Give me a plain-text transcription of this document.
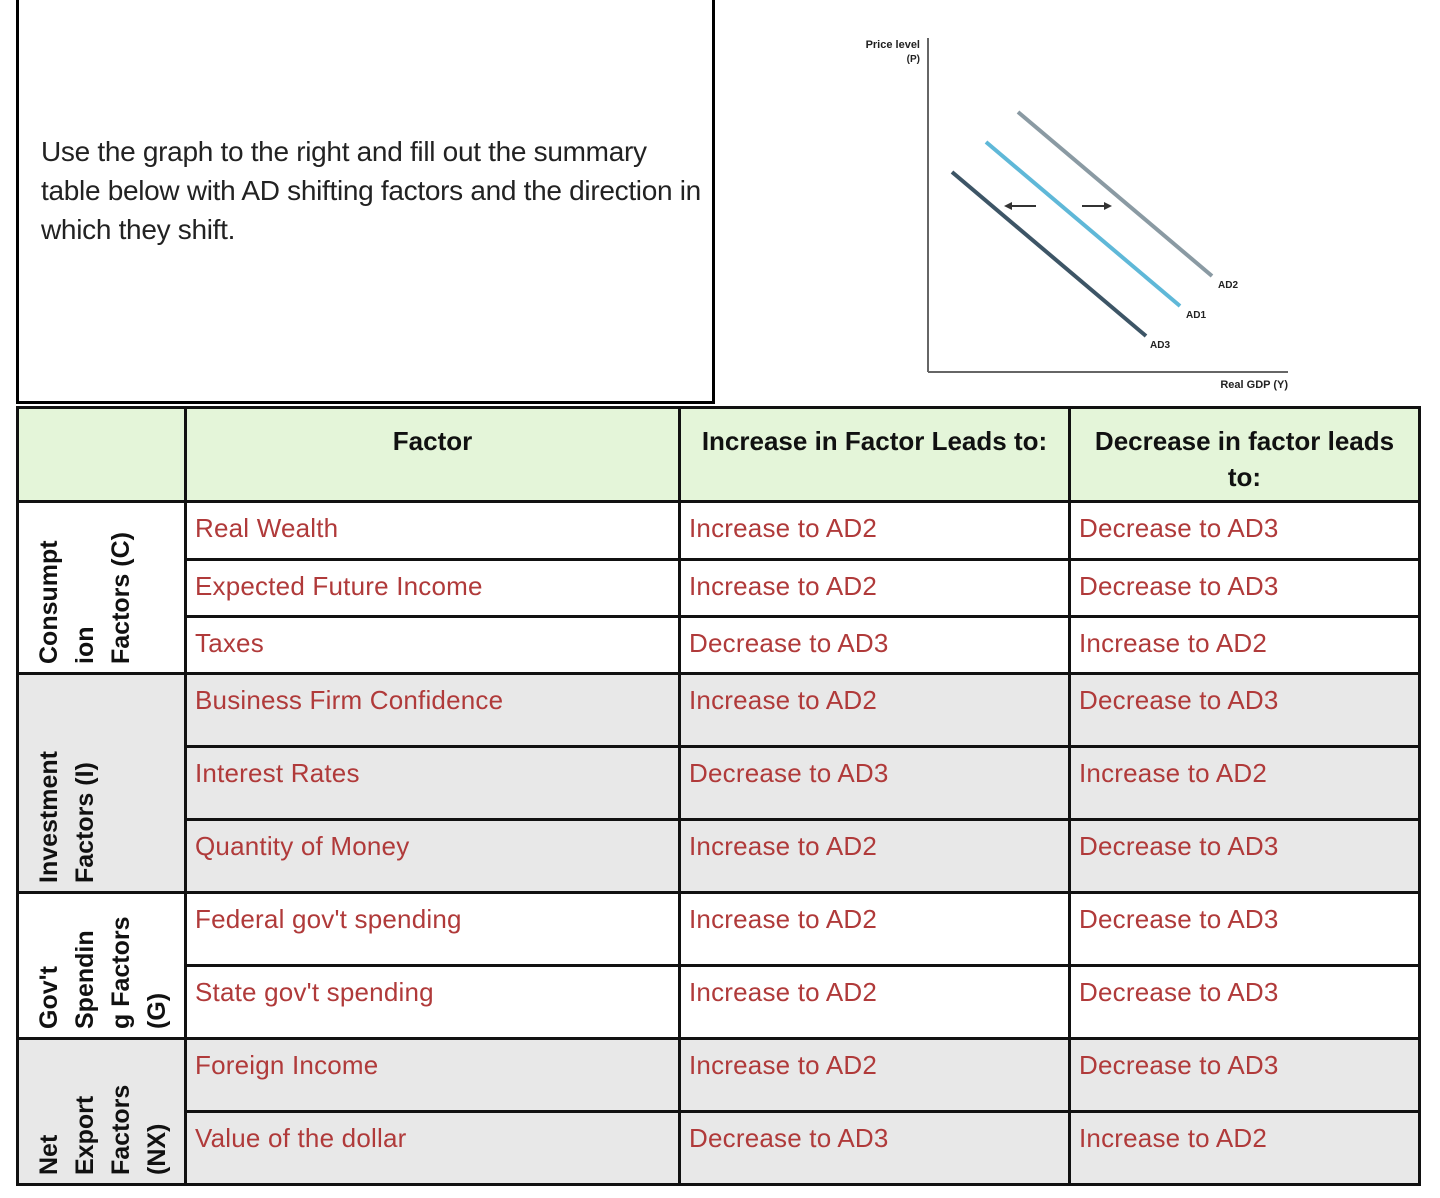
Use the graph to the right and fill out the summary table below with AD shifting factors and the direction in which they shift.
Price level
(P)
Real GDP (Y)
AD2
AD1
AD3
	Factor	Increase in Factor Leads to:	Decrease in factor leads to:

Consumpt
ion
Factors (C)	Real Wealth	Increase to AD2	Decrease to AD3
	Expected Future Income	Increase to AD2	Decrease to AD3
	Taxes	Decrease to AD3	Increase to AD2

Investment
Factors (I)	Business Firm Confidence	Increase to AD2	Decrease to AD3
	Interest Rates	Decrease to AD3	Increase to AD2
	Quantity of Money	Increase to AD2	Decrease to AD3

Gov't
Spendin
g Factors
(G)	Federal gov't spending	Increase to AD2	Decrease to AD3
	State gov't spending	Increase to AD2	Decrease to AD3

Net
Export
Factors
(NX)	Foreign Income	Increase to AD2	Decrease to AD3
	Value of the dollar	Decrease to AD3	Increase to AD2
